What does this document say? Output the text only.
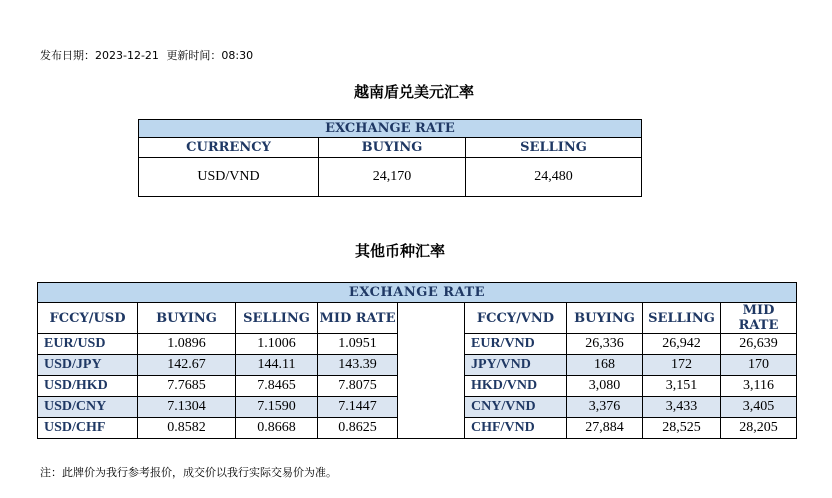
发布日期：2023-12-21 更新时间：08:30
越南盾兑美元汇率
EXCHANGE RATE		
CURRENCY	BUYING	SELLING
USD/VND	24,170	24,480
其他币种汇率
EXCHANGE RATE								
FCCY/USD	BUYING	SELLING	MID RATE		FCCY/VND	BUYING	SELLING	MID RATE
EUR/USD	1.0896	1.1006	1.0951		EUR/VND	26,336	26,942	26,639
USD/JPY	142.67	144.11	143.39		JPY/VND	168	172	170
USD/HKD	7.7685	7.8465	7.8075		HKD/VND	3,080	3,151	3,116
USD/CNY	7.1304	7.1590	7.1447		CNY/VND	3,376	3,433	3,405
USD/CHF	0.8582	0.8668	0.8625		CHF/VND	27,884	28,525	28,205
注：此牌价为我行参考报价，成交价以我行实际交易价为准。
